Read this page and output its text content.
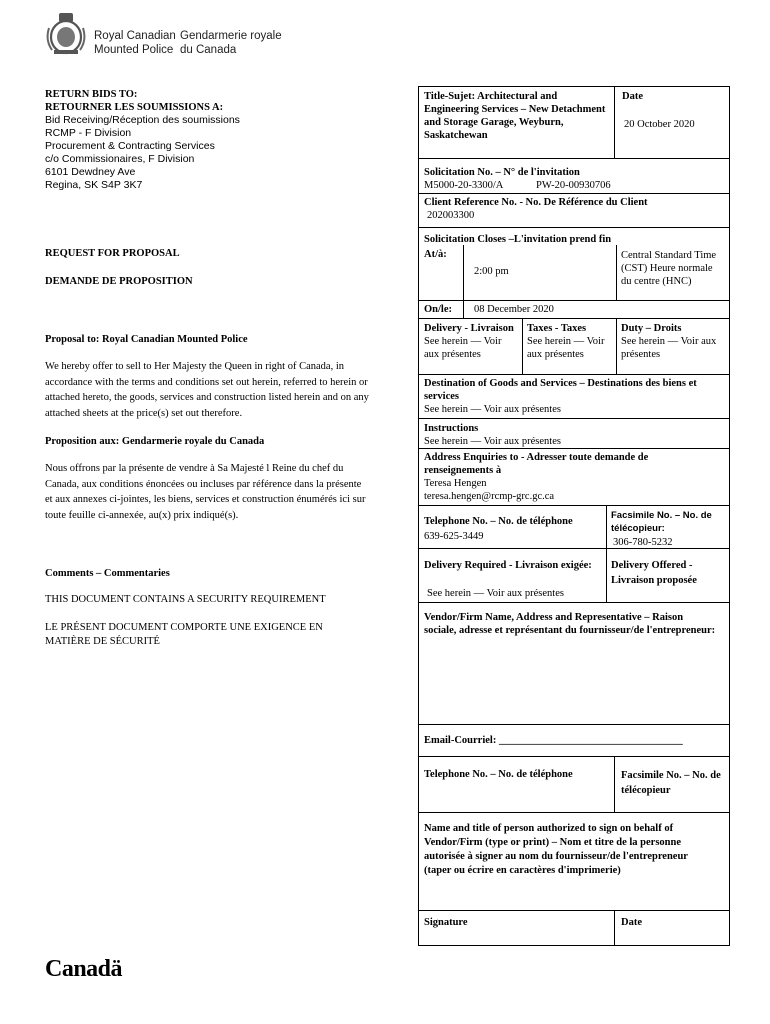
Royal Canadian Gendarmerie royale
Mounted Police du Canada

RETURN BIDS TO:

RETOURNER LES SOUMISSIONS A:

Bid Receiving/Réception des soumissions
RCMP - F Division
Procurement & Contracting Services
c/o Commissionaires, F Division
6101 Dewdney Ave
Regina, SK S4P 3K7
REQUEST FOR PROPOSAL
DEMANDE DE PROPOSITION
Proposal to: Royal Canadian Mounted Police
We hereby offer to sell to Her Majesty the Queen in right of Canada, in accordance with the terms and conditions set out herein, referred to herein or attached hereto, the goods, services and construction listed herein and on any attached sheets at the price(s) set out therefore.
Proposition aux: Gendarmerie royale du Canada
Nous offrons par la présente de vendre à Sa Majesté l Reine du chef du Canada, aux conditions énoncées ou incluses par référence dans la présente et aux annexes ci-jointes, les biens, services et construction énumérés ici sur toute feuille ci-annexée, au(x) prix indiqué(s).
Comments – Commentaries
THIS DOCUMENT CONTAINS A SECURITY REQUIREMENT
LE PRÉSENT DOCUMENT COMPORTE UNE EXIGENCE EN MATIÈRE DE SÉCURITÉ
Title-Sujet: Architectural and Engineering Services – New Detachment and Storage Garage, Weyburn, Saskatchewan
Date
20 October 2020
Solicitation No. – N° de l'invitation
M5000-20-3300/A	PW-20-00930706
Client Reference No. - No. De Référence du Client
202003300
Solicitation Closes –L'invitation prend fin
At/à:
2:00 pm
Central Standard Time (CST) Heure normale du centre (HNC)
On/le:	08 December 2020
Delivery - Livraison
See herein — Voir aux présentes
Taxes - Taxes
See herein — Voir aux présentes
Duty – Droits
See herein — Voir aux présentes
Destination of Goods and Services – Destinations des biens et services
See herein — Voir aux présentes
Instructions
See herein — Voir aux présentes
Address Enquiries to - Adresser toute demande de renseignements à
Teresa Hengen
teresa.hengen@rcmp-grc.gc.ca
Telephone No. – No. de téléphone
639-625-3449
Facsimile No. – No. de télécopieur:
306-780-5232
Delivery Required - Livraison exigée:
See herein — Voir aux présentes
Delivery Offered - Livraison proposée
Vendor/Firm Name, Address and Representative – Raison sociale, adresse et représentant du fournisseur/de l'entrepreneur:
Email-Courriel: ___________________________________
Telephone No. – No. de téléphone	Facsimile No. – No. de télécopieur
Name and title of person authorized to sign on behalf of Vendor/Firm (type or print) – Nom et titre de la personne autorisée à signer au nom du fournisseur/de l'entrepreneur (taper ou écrire en caractères d'imprimerie)
Signature	Date
Canadä
